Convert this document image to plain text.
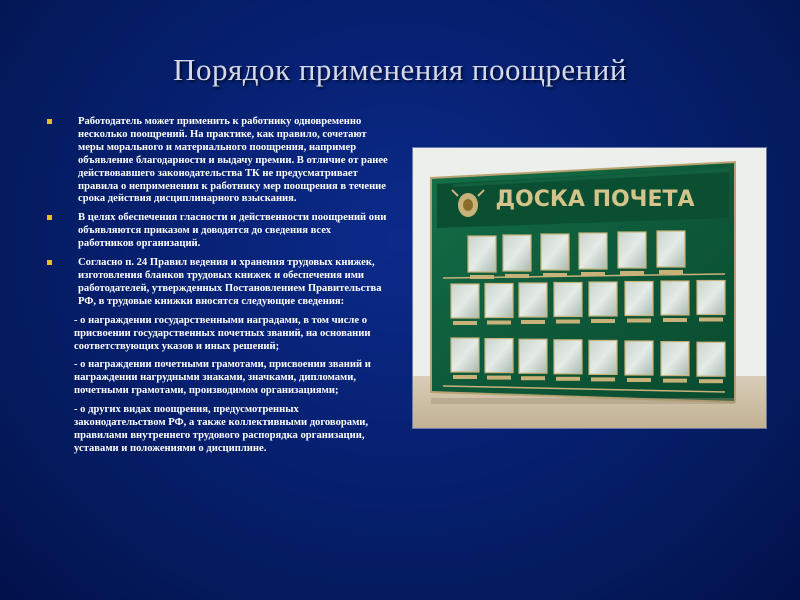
Порядок применения поощрений
Работодатель может применить к работнику одновременно несколько поощрений. На практике, как правило, сочетают меры морального и материального поощрения, например объявление благодарности и выдачу премии. В отличие от ранее действовавшего законодательства ТК не предусматривает правила о неприменении к работнику мер поощрения в течение срока действия дисциплинарного взыскания.
В целях обеспечения гласности и действенности поощрений они объявляются приказом и доводятся до сведения всех работников организаций.
Согласно п. 24 Правил ведения и хранения трудовых книжек, изготовления бланков трудовых книжек и обеспечения ими работодателей, утвержденных Постановлением Правительства РФ, в трудовые книжки вносятся следующие сведения:
- о награждении государственными наградами, в том числе о присвоении государственных почетных званий, на основании соответствующих указов и иных решений;
- о награждении почетными грамотами, присвоении званий и награждении нагрудными знаками, значками, дипломами, почетными грамотами, производимом организациями;
- о других видах поощрения, предусмотренных законодательством РФ, а также коллективными договорами, правилами внутреннего трудового распорядка организации, уставами и положениями о дисциплине.
ДОСКА ПОЧЕТА
